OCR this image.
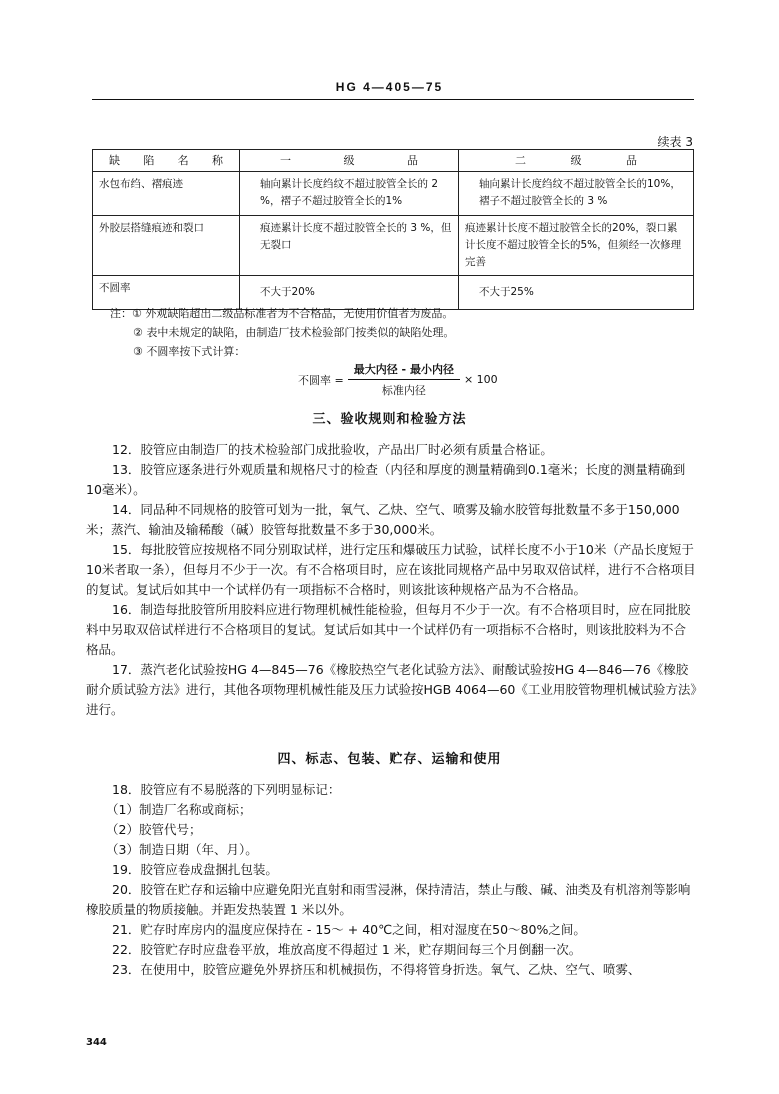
HG 4—405—75
续表 3
缺 陷 名 称	一 级 品	二 级 品

水包布绉、褶痕迹	轴向累计长度绉纹不超过胶管全长的 2 %，褶子不超过胶管全长的1%	轴向累计长度绉纹不超过胶管全长的10%，褶子不超过胶管全长的 3 %
外胶层搭缝痕迹和裂口	痕迹累计长度不超过胶管全长的 3 %，但无裂口	痕迹累计长度不超过胶管全长的20%，裂口累计长度不超过胶管全长的5%，但须经一次修理完善
不圆率	不大于20%	不大于25%
注：① 外观缺陷超出二级品标准者为不合格品，无使用价值者为废品。
② 表中未规定的缺陷，由制造厂技术检验部门按类似的缺陷处理。
③ 不圆率按下式计算：
不圆率 = $\frac{\text{最大内径 - 最小内径}}{\text{标准内径}} \times 100$
三、验收规则和检验方法

12．胶管应由制造厂的技术检验部门成批验收，产品出厂时必须有质量合格证。

13．胶管应逐条进行外观质量和规格尺寸的检查（内径和厚度的测量精确到0.1毫米；长度的测量精确到10毫米）。

14．同品种不同规格的胶管可划为一批，氧气、乙炔、空气、喷雾及输水胶管每批数量不多于150,000米；蒸汽、输油及输稀酸（碱）胶管每批数量不多于30,000米。

15．每批胶管应按规格不同分别取试样，进行定压和爆破压力试验，试样长度不小于10米（产品长度短于10米者取一条），但每月不少于一次。有不合格项目时，应在该批同规格产品中另取双倍试样，进行不合格项目的复试。复试后如其中一个试样仍有一项指标不合格时，则该批该种规格产品为不合格品。

16．制造每批胶管所用胶料应进行物理机械性能检验，但每月不少于一次。有不合格项目时，应在同批胶料中另取双倍试样进行不合格项目的复试。复试后如其中一个试样仍有一项指标不合格时，则该批胶料为不合格品。

17．蒸汽老化试验按HG 4—845—76《橡胶热空气老化试验方法》、耐酸试验按HG 4—846—76《橡胶耐介质试验方法》进行，其他各项物理机械性能及压力试验按HGB 4064—60《工业用胶管物理机械试验方法》进行。

四、标志、包装、贮存、运输和使用

18．胶管应有不易脱落的下列明显标记：

（1）制造厂名称或商标；

（2）胶管代号；

（3）制造日期（年、月）。

19．胶管应卷成盘捆扎包装。

20．胶管在贮存和运输中应避免阳光直射和雨雪浸淋，保持清洁，禁止与酸、碱、油类及有机溶剂等影响橡胶质量的物质接触。并距发热装置 1 米以外。

21．贮存时库房内的温度应保持在 - 15～ + 40℃之间，相对湿度在50～80%之间。

22．胶管贮存时应盘卷平放，堆放高度不得超过 1 米，贮存期间每三个月倒翻一次。

23．在使用中，胶管应避免外界挤压和机械损伤，不得将管身折迭。氧气、乙炔、空气、喷雾、

344
